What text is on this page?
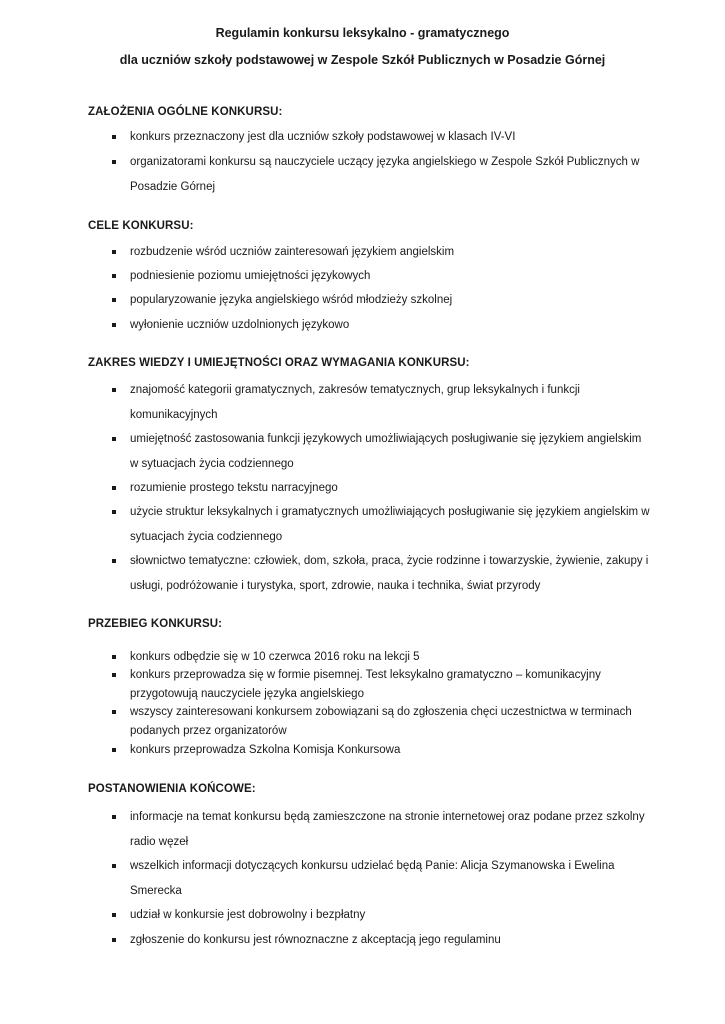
Regulamin konkursu leksykalno - gramatycznego
dla uczniów szkoły podstawowej w Zespole Szkół Publicznych w Posadzie Górnej
ZAŁOŻENIA OGÓLNE KONKURSU:
konkurs przeznaczony jest dla uczniów szkoły podstawowej w klasach IV-VI
organizatorami konkursu są nauczyciele uczący języka angielskiego w Zespole Szkół Publicznych w Posadzie Górnej
CELE KONKURSU:
rozbudzenie wśród uczniów zainteresowań językiem angielskim
podniesienie poziomu umiejętności językowych
popularyzowanie języka angielskiego wśród młodzieży szkolnej
wyłonienie uczniów uzdolnionych językowo
ZAKRES WIEDZY I UMIEJĘTNOŚCI ORAZ WYMAGANIA KONKURSU:
znajomość kategorii gramatycznych, zakresów tematycznych, grup leksykalnych i funkcji komunikacyjnych
umiejętność zastosowania funkcji językowych umożliwiających posługiwanie się językiem angielskim w sytuacjach życia codziennego
rozumienie prostego tekstu narracyjnego
użycie struktur leksykalnych i gramatycznych umożliwiających posługiwanie się językiem angielskim w sytuacjach życia codziennego
słownictwo tematyczne: człowiek, dom, szkoła, praca, życie rodzinne i towarzyskie, żywienie, zakupy i usługi, podróżowanie i turystyka, sport, zdrowie, nauka i technika, świat przyrody
PRZEBIEG KONKURSU:
konkurs odbędzie się w 10 czerwca 2016 roku na lekcji 5
konkurs przeprowadza się w formie pisemnej. Test leksykalno gramatyczno – komunikacyjny przygotowują nauczyciele języka angielskiego
wszyscy zainteresowani konkursem zobowiązani są do zgłoszenia chęci uczestnictwa w terminach podanych przez organizatorów
konkurs przeprowadza Szkolna Komisja Konkursowa
POSTANOWIENIA KOŃCOWE:
informacje na temat konkursu będą zamieszczone na stronie internetowej oraz podane przez szkolny radio węzeł
wszelkich informacji dotyczących konkursu udzielać będą Panie: Alicja Szymanowska i Ewelina Smerecka
udział w konkursie jest dobrowolny i bezpłatny
zgłoszenie do konkursu jest równoznaczne z akceptacją jego regulaminu
